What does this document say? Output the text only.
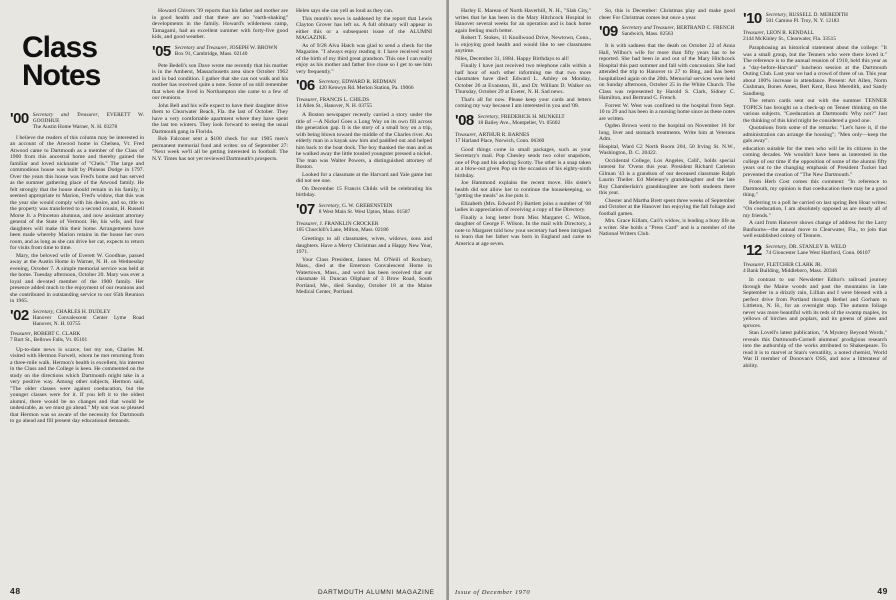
Class Notes
'00 Secretary and Treasurer, EVERETT W. GOODHUE
The Austin Home Warner, N. H. 03278

I believe the readers of this column may be interested in an account of the Atwood home in Chelsea, Vt. Fred Atwood came to Dartmouth as a member of the Class of 1900 from this ancestral home and thereby gained the familiar and loved nickname of "Chels." The large and commodious house was built by Phineas Dodge in 1797. Over the years this house was Fred's home and has served as the summer gathering place of the Atwood family. He felt strongly that the house should remain in his family, it seemed appropriate to Marion, Fred's widow, that this was the year she would comply with his desire, and so, title to the property was transferred to a second cousin, H. Russell Morse Jr. a Princeton alumnus, and now assistant attorney general of the State of Vermont. He, his wife, and four daughters will make this their home. Arrangements have been made whereby Marion retains in the house her own room, and as long as she can drive her car, expects to return for visits from time to time.

Mary, the beloved wife of Everett W. Goodhue, passed away at the Austin Home in Warner, N. H. on Wednesday evening, October 7. A simple memorial service was held at the home. Tuesday afternoon, October 20. Mary was ever a loyal and devoted member of the 1900 family. Her presence added much to the enjoyment of our reunions and she contributed in outstanding service to our 65th Reunion in 1965.

'02 Secretary, CHARLES H. DUDLEY
Hanover Convalescent Center Lyme Road Hanover, N. H. 03755
Treasurer, ROBERT C. CLARK
7 Burt St., Bellows Falls, Vt. 05101

Up-to-date news is scarce, but my son, Charles M. visited with Hermon Farwell, whom he met returning from a three-mile walk. Hermon's health is excellent, his interest in the Class and the College is keen. He commented on the study on the directions which Dartmouth might take in a very positive way. Among other subjects, Hermon said, "The older classes were against coeducation, but the younger classes were for it. If you left it to the oldest alumni, there would be no changes and that would be undesirable, as we must go ahead." My son was so pleased that Hermon was so aware of the necessity for Dartmouth to go ahead and fill present day educational demands.

Howard Chivers '39 reports that his father and mother are in good health and that there are no "earth-shaking" developments in the family. Howard's wilderness camp, Tamagami, had an excellent summer with forty-five good kids, and good weather.

'05 Secretary and Treasurer, JOSEPH W. BROWN
Box 91, Cambridge, Mass. 02140

Pete Bedell's son Dave wrote me recently that his mother is in the Amherst, Massachusetts area since October 1962 and in bad condition. I gather that she can not walk and his mother has received quite a note. Some of us still remember that when she lived in Northampton she came to a few of our reunions.

John Bell and his wife expect to have their daughter drive them to Clearwater Beach, Fla. the last of October. They have a very comfortable apartment where they have spent the last ten winters. They look forward to seeing the usual Dartmouth gang in Florida.

Bob Falconer sent a $100 check for our 1905 men's permanent memorial fund and writes: on of September 27: "Next week we'll all be getting interested in football. The N.Y. Times has not yet reviewed Dartmouth's prospects.

Helen says she can yell as loud as they can.

This month's news is saddened by the report that Lewis Clayton Grover has left us. A full obituary will appear in either this or a subsequent issue of the ALUMNI MAGAZINE.

As of 9/28 Alva Hatch was glad to send a check for the Magazine. "I always enjoy reading it. I have received word of the birth of my third great grandson. This one I can really enjoy as his mother and father live close so I get to see him very frequently."

'06 Secretary, EDWARD R. REDMAN
420 Kenwyn Rd. Merion Station, Pa. 19066
Treasurer, FRANCIS L. CHILDS
14 Allen St., Hanover, N. H. 03755

A Boston newspaper recently carried a story under the title of —A Nickel Goes a Long Way on its own fill across the generation gap. It is the story of a small boy on a trip, with being blown toward the middle of the Charles river. An elderly man in a kayak saw him and paddled out and helped him back to the boat dock. The boy thanked the man and as he walked away the little tousled youngster pressed a nickel. The man was Walter Powers, a distinguished attorney of Boston.

Looked for a classmate at the Harvard and Yale game but did not see one.

On December 15 Francis Childs will be celebrating his birthday.

'07 Secretary, G. W. GREBENSTEIN
8 West Main St. West Upton, Mass. 01587
Treasurer, J. FRANKLIN CROCKER
105 Churchill's Lane, Milton, Mass. 02186

Greetings to all classmates, wives, widows, sons and daughters. Have a Merry Christmas and a Happy New Year, 1971.

Your Class President, James M. O'Neill of Roxbury, Mass., died at the Emerson Convalescent Home in Watertown, Mass., and word has been received that our classmate H. Duncan Oliphant of 3 Brow Road, South Portland, Me., died Sunday, October 18 at the Maine Medical Center, Portland.

48	DARTMOUTH ALUMNI MAGAZINE

Harley E. Marean of North Haverhill, N. H., "Slab City," writes that he has been in the Mary Hitchcock Hospital in Hanover several weeks for an operation and is back home again feeling much better.

Robert T. Stokes, 11 Knollwood Drive, Newtown, Conn., is enjoying good health and would like to see classmates anytime.

Niles, December 31, 1884. Happy Birthdays to all!

Finally I have just received two telephone calls within a half hour of each other informing me that two more classmates have died: Edward L. Ashley on Monday, October 26 at Evanston, Ill., and Dr. William D. Walker on Thursday, October 29 at Exeter, N. H. Sad news.

That's all for now. Please keep your cards and letters coming my way because I am interested in you and '08.

'08 Secretary, FREDERICK H. MUNKELT
18 Bailey Ave., Montpelier, Vt. 05602
Treasurer, ARTHUR R. BARNES
17 Harland Place, Norwich, Conn. 06360

Good things come in small packages, such as your Secretary's mail. Pop Chesley sends two color snapshots, one of Pop and his adoring Scotty. The other is a snap taken at a blow-out given Pop on the occasion of his eighty-ninth birthday.

Joe Hammond explains the recent move. His sister's health did not allow her to continue the housekeeping, so "getting the meals" as Joe puts it.

Elizabeth (Mrs. Edward P.) Bartlett joins a number of '08 ladies in appreciation of receiving a copy of the Directory.

Finally a long letter from Miss Margaret C. Wilson, daughter of George F. Wilson. In the mail with Directory, a note to Margaret told how your secretary had been intrigued to learn that her father was born in England and came to America at age seven.

So, this is December: Christmas play and make good cheer For Christmas comes but once a year.

'09 Secretary and Treasurer, BERTRAND C. FRENCH
Sandwich, Mass. 02563

It is with sadness that the death on October 22 of Anna Hall, Wilbur's wife for more than fifty years has to be reported. She had been in and out of the Mary Hitchcock Hospital this past summer and fall with concussion. She had attended the trip to Hanover to 27 to Bing, and has been hospitalized again on the 20th. Memorial services were held on Sunday afternoon, October 25 in the White Church. The Class was represented by Harold S. Clark, Sidney C. Hamilton, and Bertrand C. French.

Forrest W. West was confined to the hospital from Sept. 10 to 29 and has been in a nursing home since as these notes are written.

Ogden Brown went to the hospital on November 16 for lung, liver and stomach treatments. Write him at Veterans Adm.

Hospital, Ward C2 North Room 204, 50 Irving St. N.W., Washington, D. C. 20422.

Occidental College, Los Angeles, Calif., holds special interest for 'Ovens this year. President Richard Carleton Gilman '43 is a grandson of our deceased classmate Ralph Laurin Theiler. Ed Meleney's granddaughter and the late Roy Chamberlain's granddaughter are both students there this year.

Chester and Martha Brett spent three weeks of September and October at the Hanover Inn enjoying the fall foliage and football games.

Mrs. Grace Killam, Carl's widow, is leading a busy life as a writer. She holds a "Press Card" and is a member of the National Writers Club.

'10 Secretary, RUSSELL D. MEREDITH
501 Camino Pl. Troy, N. Y. 12183
Treasurer, LEON R. KENDALL
2144 McKinley St., Clearwater, Fla. 33515

Paraphrasing an historical statement about the college: "It was a small group, but the Tenners who were there loved it." The reference is to the annual reunion of 1910, held this year as a "day-before-Harvard" luncheon session at the Dartmouth Outing Club. Last year we had a crowd of three of us. This year about 100% increase in attendance. Present: Art Allen, Norm Cushman, Bones Ames, Bert Kent, Ross Meredith, and Sandy Sandberg.

The return cards sent out with the summer TENNER TOPICS has brought us a check-up on Tenner thinking on the various subjects. "Coeducation at Dartmouth: Why not?" Just the thinking of this kind might be considered a good one.

Quotations from some of the remarks: "Let's have it, if the administration can arrange the housing"; "Men only—keep the gals away".

education suitable for the men who will be its citizens in the coming decades. We wouldn't have been as interested in the college of our time if the opposition of some of the alumni fifty years out to the changing emphasis of President Tucker had prevented the creation of "The New Dartmouth."

From Herb Cost comes this comment: "In reference to Dartmouth, my opinion is that coeducation there may be a good thing."

Referring to a poll he carried on last spring Ben Hoar writes: "On coeducation, I am absolutely opposed as are nearly all of my friends."

A card from Hanover shows change of address for the Larry Banfsurns—the annual move to Clearwater, Fla., to join that well established colony of Tenners.

'12 Secretary, DR. STANLEY B. WELD
74 Gloucester Lane West Hartford, Conn. 06107
Treasurer, FLETCHER CLARK JR.
4 Bank Building, Middleboro, Mass. 20346

In contrast to our Newsletter Editor's railroad journey through the Maine woods and past the mountains in late September in a drizzly rain, Lillian and I were blessed with a perfect drive from Portland through Bethel and Gorham to Littleton, N. H., for an overnight stop. The autumn foliage never was more beautiful with its reds of the swamp maples, its yellows of birches and poplars, and its greens of pines and spruces.

Stan Lovell's latest publication, "A Mystery Beyond Words," reveals this Dartmouth-Cornell alumnus' prodigious research into the authorship of the works attributed to Shakespeare. To read it is to marvel at Stan's versatility, a noted chemist, World War II member of Donovan's OSS, and now a litterateur of ability.

Issue of December 1970	49
